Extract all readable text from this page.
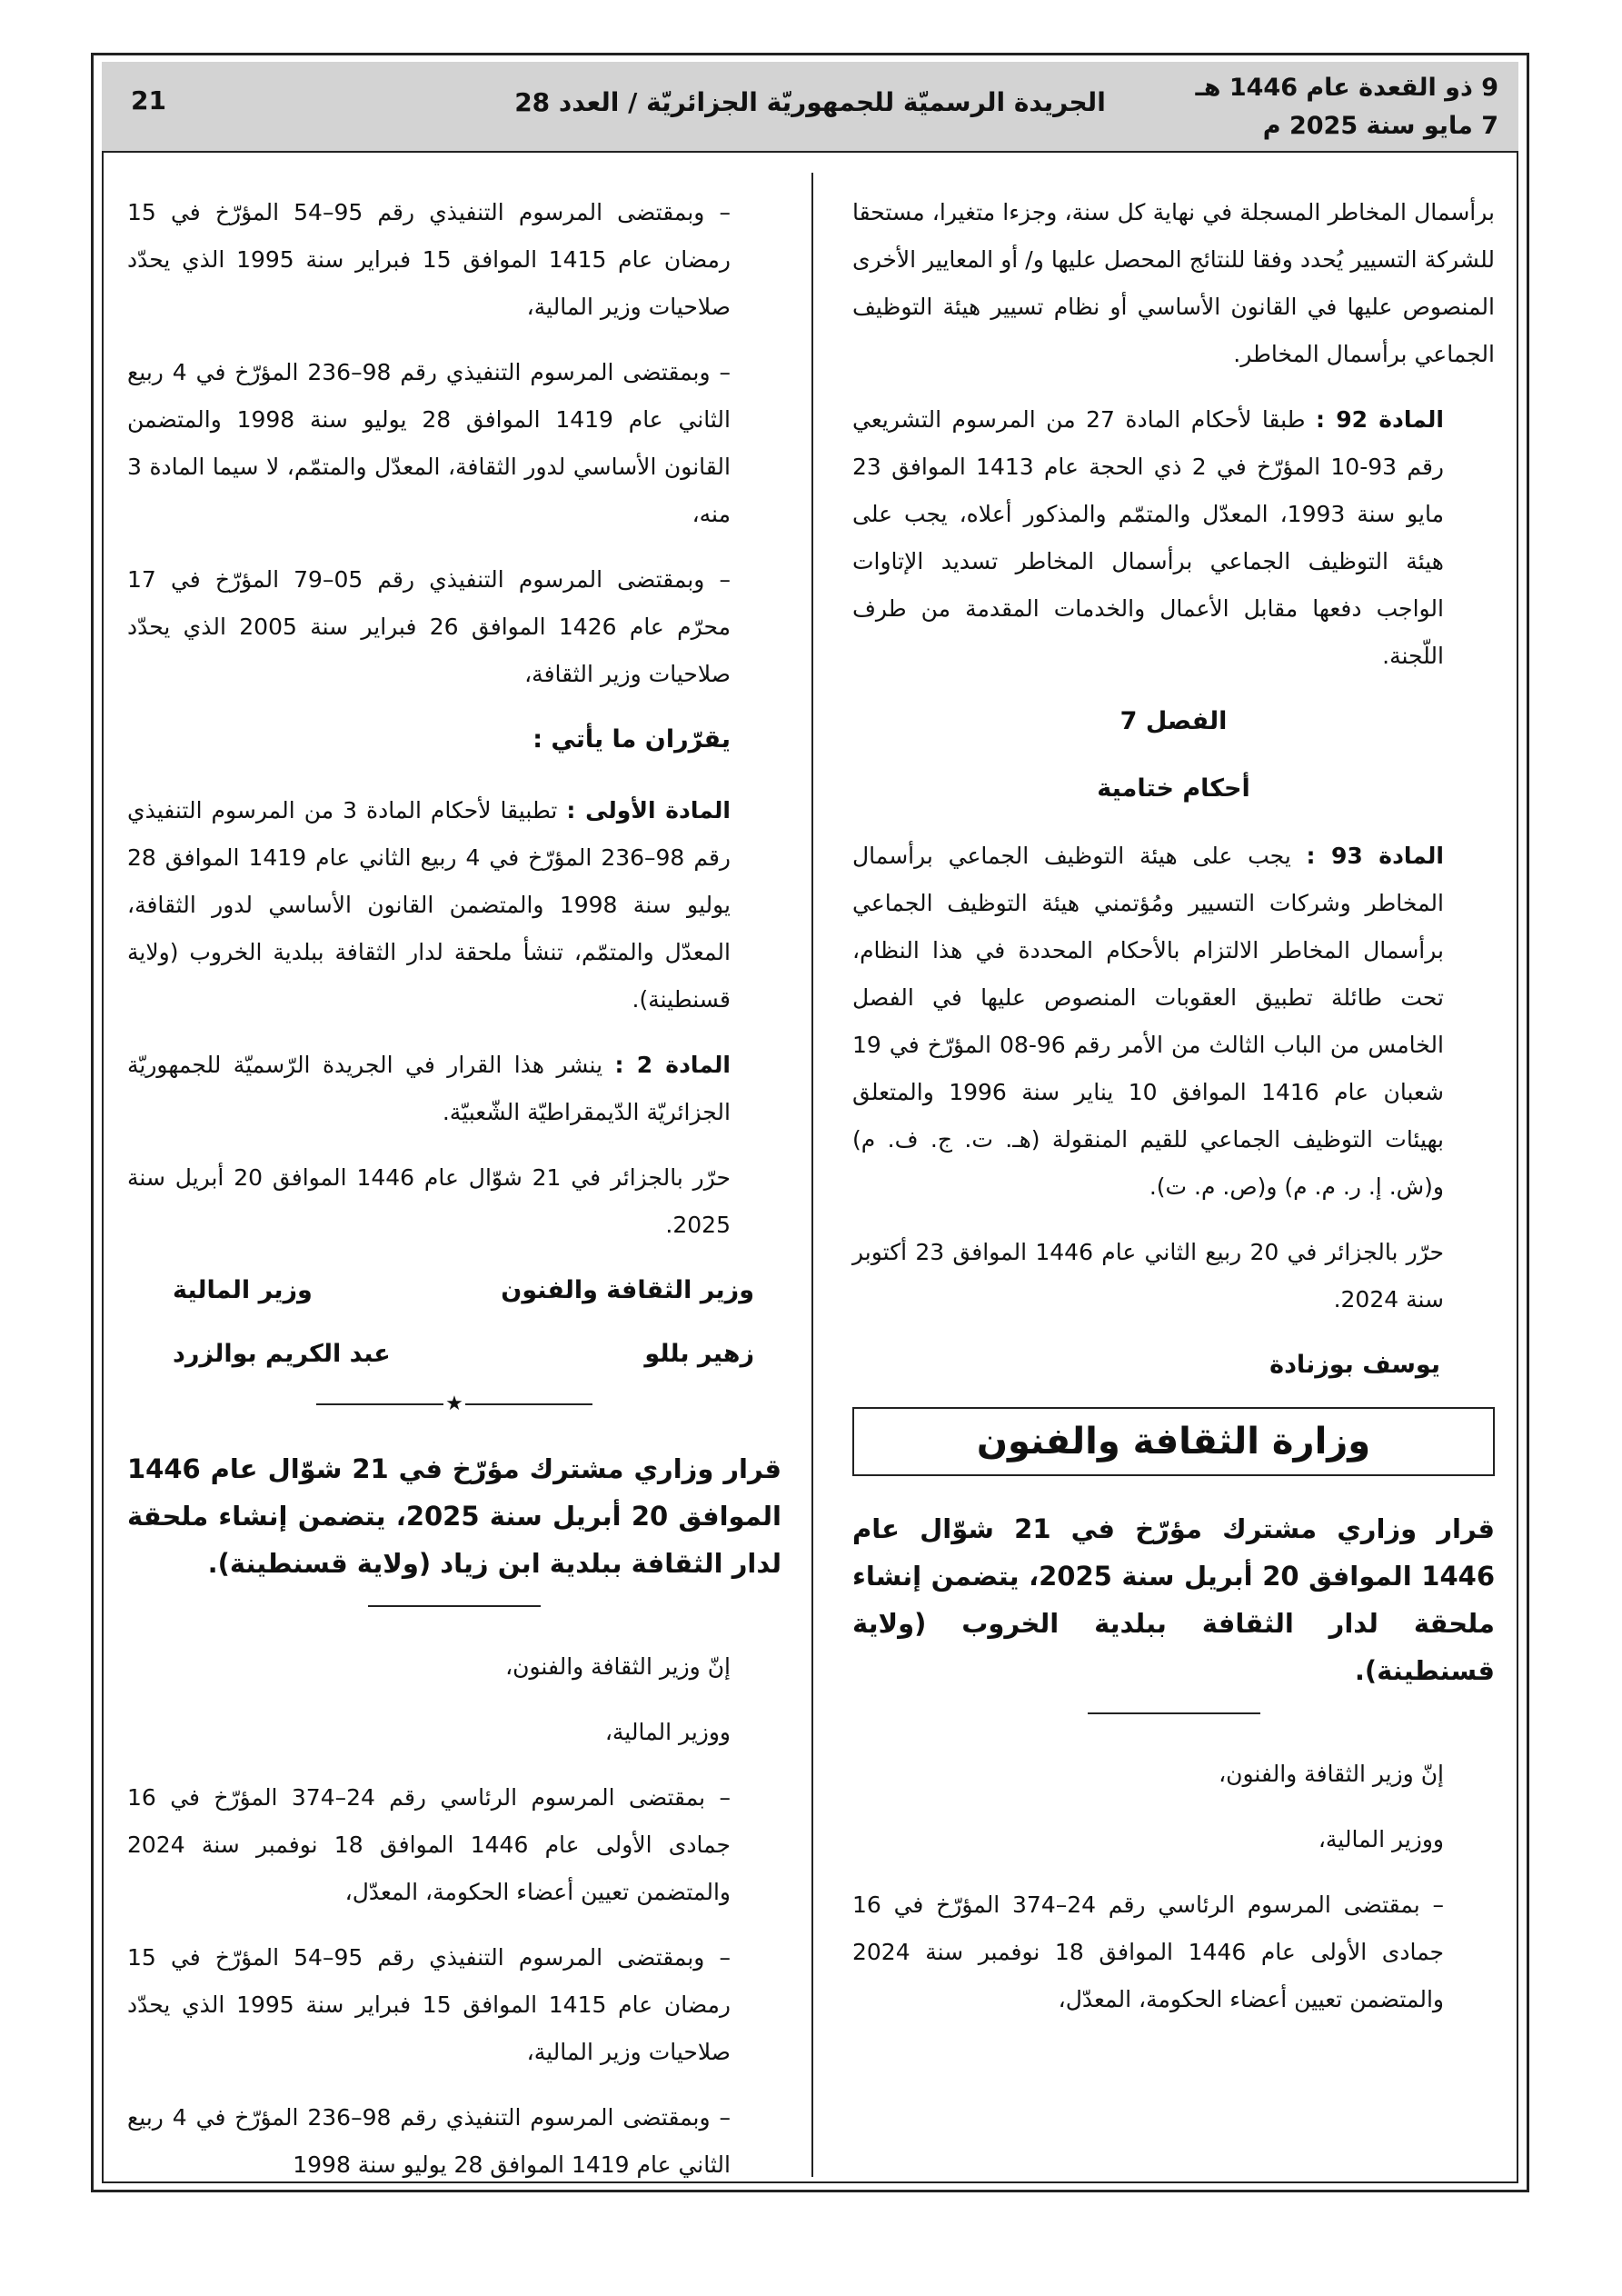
9 ذو القعدة عام 1446 هـ
7 مايو سنة 2025 م
الجريدة الرسميّة للجمهوريّة الجزائريّة / العدد 28
21

برأسمال المخاطر المسجلة في نهاية كل سنة، وجزءا متغيرا، مستحقا للشركة التسيير يُحدد وفقا للنتائج المحصل عليها و/ أو المعايير الأخرى المنصوص عليها في القانون الأساسي أو نظام تسيير هيئة التوظيف الجماعي برأسمال المخاطر.

المادة 92 : طبقا لأحكام المادة 27 من المرسوم التشريعي رقم 93-10 المؤرّخ في 2 ذي الحجة عام 1413 الموافق 23 مايو سنة 1993، المعدّل والمتمّم والمذكور أعلاه، يجب على هيئة التوظيف الجماعي برأسمال المخاطر تسديد الإتاوات الواجب دفعها مقابل الأعمال والخدمات المقدمة من طرف اللّجنة.

الفصل 7
أحكام ختامية

المادة 93 : يجب على هيئة التوظيف الجماعي برأسمال المخاطر وشركات التسيير ومُؤتمني هيئة التوظيف الجماعي برأسمال المخاطر الالتزام بالأحكام المحددة في هذا النظام، تحت طائلة تطبيق العقوبات المنصوص عليها في الفصل الخامس من الباب الثالث من الأمر رقم 96-08 المؤرّخ في 19 شعبان عام 1416 الموافق 10 يناير سنة 1996 والمتعلق بهيئات التوظيف الجماعي للقيم المنقولة (هـ. ت. ج. ف. م) و(ش. إ. ر. م. م) و(ص. م. ت).

حرّر بالجزائر في 20 ربيع الثاني عام 1446 الموافق 23 أكتوبر سنة 2024.

يوسف بوزنادة
وزارة الثقافة والفنون

قرار وزاري مشترك مؤرّخ في 21 شوّال عام 1446 الموافق 20 أبريل سنة 2025، يتضمن إنشاء ملحقة لدار الثقافة ببلدية الخروب (ولاية قسنطينة).

إنّ وزير الثقافة والفنون،

ووزير المالية،

– بمقتضى المرسوم الرئاسي رقم 24–374 المؤرّخ في 16 جمادى الأولى عام 1446 الموافق 18 نوفمبر سنة 2024 والمتضمن تعيين أعضاء الحكومة، المعدّل،

– وبمقتضى المرسوم التنفيذي رقم 95–54 المؤرّخ في 15 رمضان عام 1415 الموافق 15 فبراير سنة 1995 الذي يحدّد صلاحيات وزير المالية،

– وبمقتضى المرسوم التنفيذي رقم 98–236 المؤرّخ في 4 ربيع الثاني عام 1419 الموافق 28 يوليو سنة 1998 والمتضمن القانون الأساسي لدور الثقافة، المعدّل والمتمّم، لا سيما المادة 3 منه،

– وبمقتضى المرسوم التنفيذي رقم 05–79 المؤرّخ في 17 محرّم عام 1426 الموافق 26 فبراير سنة 2005 الذي يحدّد صلاحيات وزير الثقافة،

يقرّران ما يأتي :

المادة الأولى : تطبيقا لأحكام المادة 3 من المرسوم التنفيذي رقم 98–236 المؤرّخ في 4 ربيع الثاني عام 1419 الموافق 28 يوليو سنة 1998 والمتضمن القانون الأساسي لدور الثقافة، المعدّل والمتمّم، تنشأ ملحقة لدار الثقافة ببلدية الخروب (ولاية قسنطينة).

المادة 2 : ينشر هذا القرار في الجريدة الرّسميّة للجمهوريّة الجزائريّة الدّيمقراطيّة الشّعبيّة.

حرّر بالجزائر في 21 شوّال عام 1446 الموافق 20 أبريل سنة 2025.

وزير الثقافة والفنون
وزير المالية
زهير بللو
عبد الكريم بوالزرد
★

قرار وزاري مشترك مؤرّخ في 21 شوّال عام 1446 الموافق 20 أبريل سنة 2025، يتضمن إنشاء ملحقة لدار الثقافة ببلدية ابن زياد (ولاية قسنطينة).

إنّ وزير الثقافة والفنون،

ووزير المالية،

– بمقتضى المرسوم الرئاسي رقم 24–374 المؤرّخ في 16 جمادى الأولى عام 1446 الموافق 18 نوفمبر سنة 2024 والمتضمن تعيين أعضاء الحكومة، المعدّل،

– وبمقتضى المرسوم التنفيذي رقم 95–54 المؤرّخ في 15 رمضان عام 1415 الموافق 15 فبراير سنة 1995 الذي يحدّد صلاحيات وزير المالية،

– وبمقتضى المرسوم التنفيذي رقم 98–236 المؤرّخ في 4 ربيع الثاني عام 1419 الموافق 28 يوليو سنة 1998
